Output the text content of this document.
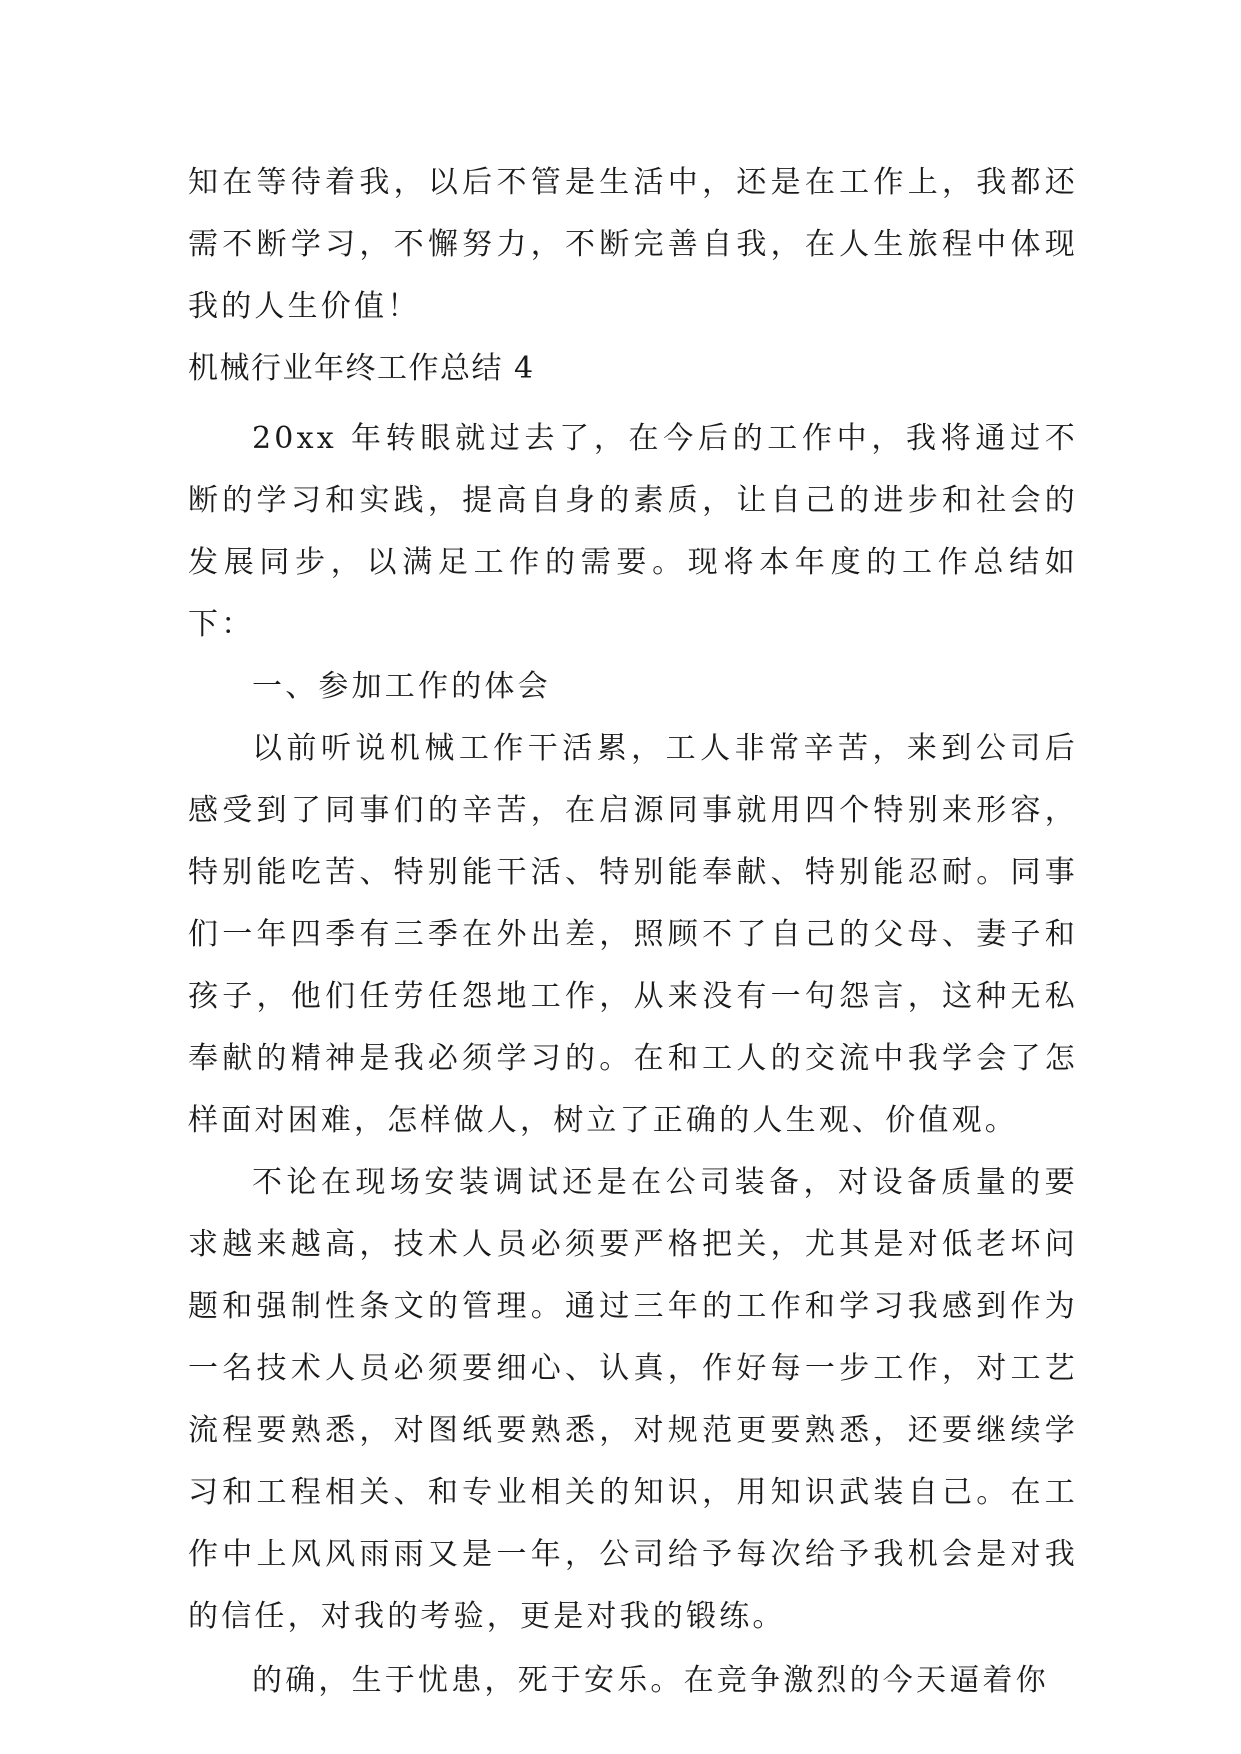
知在等待着我，以后不管是生活中，还是在工作上，我都还需不断学习，不懈努力，不断完善自我，在人生旅程中体现我的人生价值！

机械行业年终工作总结 4

20xx 年转眼就过去了，在今后的工作中，我将通过不断的学习和实践，提高自身的素质，让自己的进步和社会的发展同步，以满足工作的需要。现将本年度的工作总结如下：

一、参加工作的体会

以前听说机械工作干活累，工人非常辛苦，来到公司后感受到了同事们的辛苦，在启源同事就用四个特别来形容，特别能吃苦、特别能干活、特别能奉献、特别能忍耐。同事们一年四季有三季在外出差，照顾不了自己的父母、妻子和孩子，他们任劳任怨地工作，从来没有一句怨言，这种无私奉献的精神是我必须学习的。在和工人的交流中我学会了怎样面对困难，怎样做人，树立了正确的人生观、价值观。

不论在现场安装调试还是在公司装备，对设备质量的要求越来越高，技术人员必须要严格把关，尤其是对低老坏问题和强制性条文的管理。通过三年的工作和学习我感到作为一名技术人员必须要细心、认真，作好每一步工作，对工艺流程要熟悉，对图纸要熟悉，对规范更要熟悉，还要继续学习和工程相关、和专业相关的知识，用知识武装自己。在工作中上风风雨雨又是一年，公司给予每次给予我机会是对我的信任，对我的考验，更是对我的锻练。

的确，生于忧患，死于安乐。在竞争激烈的今天逼着你
